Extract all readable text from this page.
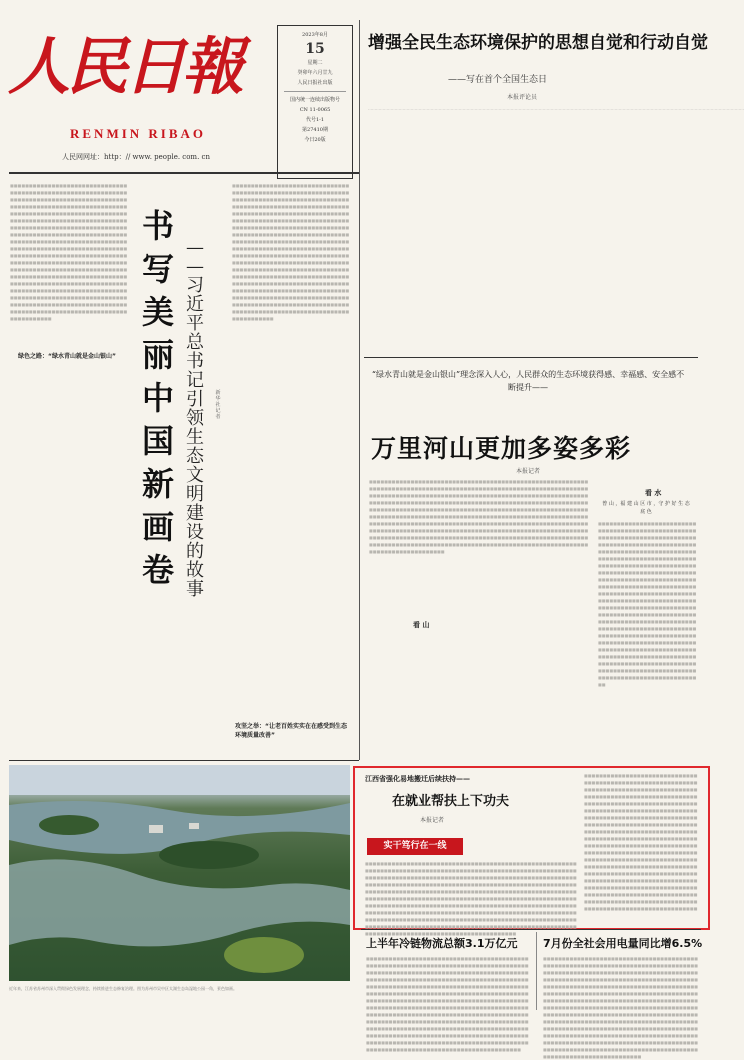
人民日報
RENMIN RIBAO
人民网网址：http：// www. people. com. cn
2023年8月
15
星期二
癸卯年六月廿九
人民日报社出版
国内统一连续出版物号
CN 11-0065
代号1-1
第27410期
今日20版
增强全民生态环境保护的思想自觉和行动自觉
——写在首个全国生态日
本报评论员

…………………………………………………………………………………………………………………………………………………………………………………………………………………………………………………………

■■■■■■■■■■■■■■■■■■■■■■■■■■■■■■■■■■■■■■■■■■■■■■■■■■■■■■■■■■■■■■■■■■■■■■■■■■■■■■■■■■■■■■■■■■■■■■■■■■■■■■■■■■■■■■■■■■■■■■■■■■■■■■■■■■■■■■■■■■■■■■■■■■■■■■■■■■■■■■■■■■■■■■■■■■■■■■■■■■■■■■■■■■■■■■■■■■■■■■■■■■■■■■■■■■■■■■■■■■■■■■■■■■■■■■■■■■■■■■■■■■■■■■■■■■■■■■■■■■■■■■■■■■■■■■■■■■■■■■■■■■■■■■■■■■■■■■■■■■■■■■■■■■■■■■■■■■■■■■■■■■■■■■■■■■■■■■■■■■■■■■■■■■■■■■■■■■■■■■■■■■■■■■■■■■■■■■■■■■■■■■■■■■■■■■■■■■■■■■■■■■■■■■■■■■■■■■■■■■■■■■■■■■■■■■■■■■■■■■■■■■■■■■■■■■■■■■■■■■■■■■■■■■■■■■■■■■■■■■■■■■■■■■■■■■■■■■■■■■■■■■■■■■■■■■■■■■■■■■■■■■■■■■■■■■■■■■■■■■■■■■■■■■■■■■■■■■■■■■■■■■■■■■■■■■■■■■■■■■■■■■■■■■■■■■■■■■■■■■■■
绿色之路：“绿水青山就是金山银山”
书
写
美
丽
中
国
新
画
卷
—
—
习
近
平
总
书
记
引
领
生
态
文
明
建
设
的
故
事
新
华
社
记
者
■■■■■■■■■■■■■■■■■■■■■■■■■■■■■■■■■■■■■■■■■■■■■■■■■■■■■■■■■■■■■■■■■■■■■■■■■■■■■■■■■■■■■■■■■■■■■■■■■■■■■■■■■■■■■■■■■■■■■■■■■■■■■■■■■■■■■■■■■■■■■■■■■■■■■■■■■■■■■■■■■■■■■■■■■■■■■■■■■■■■■■■■■■■■■■■■■■■■■■■■■■■■■■■■■■■■■■■■■■■■■■■■■■■■■■■■■■■■■■■■■■■■■■■■■■■■■■■■■■■■■■■■■■■■■■■■■■■■■■■■■■■■■■■■■■■■■■■■■■■■■■■■■■■■■■■■■■■■■■■■■■■■■■■■■■■■■■■■■■■■■■■■■■■■■■■■■■■■■■■■■■■■■■■■■■■■■■■■■■■■■■■■■■■■■■■■■■■■■■■■■■■■■■■■■■■■■■■■■■■■■■■■■■■■■■■■■■■■■■■■■■■■■■■■■■■■■■■■■■■■■■■■■■■■■■■■■■■■■■■■■■■■■■■■■■■■■■■■■■■■■■■■■■■■■■■■■■■■■■■■■■■■■■■■■■■■■■■■■■■■■■■■■■■■■■■■■■■■■■■■■■■■■■■■■■■■■■■■■■■■■■■■■■■■■■■■■■■■■■■■
攻坚之举：“让老百姓实实在在感受到生态环境质量改善”
“绿水青山就是金山银山”理念深入人心，人民群众的生态环境获得感、幸福感、安全感不断提升——
万里河山更加多姿多彩
本报记者
■■■■■■■■■■■■■■■■■■■■■■■■■■■■■■■■■■■■■■■■■■■■■■■■■■■■■■■■■■■■■■■■■■■■■■■■■■■■■■■■■■■■■■■■■■■■■■■■■■■■■■■■■■■■■■■■■■■■■■■■■■■■■■■■■■■■■■■■■■■■■■■■■■■■■■■■■■■■■■■■■■■■■■■■■■■■■■■■■■■■■■■■■■■■■■■■■■■■■■■■■■■■■■■■■■■■■■■■■■■■■■■■■■■■■■■■■■■■■■■■■■■■■■■■■■■■■■■■■■■■■■■■■■■■■■■■■■■■■■■■■■■■■■■■■■■■■■■■■■■■■■■■■■■■■■■■■■■■■■■■■■■■■■■■■■■■■■■■■■■■■■■■■■■■■■■■■■■■■■■■■■■■■■■■■■■■■■■■■■■■■■■■■■■■■■■■■■■■■■■■■■■■■■■■■■■■■■■■■■■■■■■■■■■■■■■■■■■■■■■■■■■■■■■■■■■■■■■■■■■■■■■■■■■■■■■■■■■■■■■■■■■■■■■■■■■■■■■■■■■■■■■■■■■■■■■■■■■■■■■■■■■■■■■■■■■■■■■■■■■■■■■■■■■■■■■■■■■■■■■■■■■■■■■■■■■■■■■■■■■■■■■■■■■■■■■■■■■■■■■■
看 水
曾 山 ，福 建 山 区 市 ，守 护 好 生 态 底 色
■■■■■■■■■■■■■■■■■■■■■■■■■■■■■■■■■■■■■■■■■■■■■■■■■■■■■■■■■■■■■■■■■■■■■■■■■■■■■■■■■■■■■■■■■■■■■■■■■■■■■■■■■■■■■■■■■■■■■■■■■■■■■■■■■■■■■■■■■■■■■■■■■■■■■■■■■■■■■■■■■■■■■■■■■■■■■■■■■■■■■■■■■■■■■■■■■■■■■■■■■■■■■■■■■■■■■■■■■■■■■■■■■■■■■■■■■■■■■■■■■■■■■■■■■■■■■■■■■■■■■■■■■■■■■■■■■■■■■■■■■■■■■■■■■■■■■■■■■■■■■■■■■■■■■■■■■■■■■■■■■■■■■■■■■■■■■■■■■■■■■■■■■■■■■■■■■■■■■■■■■■■■■■■■■■■■■■■■■■■■■■■■■■■■■■■■■■■■■■■■■■■■■■■■■■■■■■■■■■■■■■■■■■■■■■■■■■■■■■■■■■■■■■■■■■■■■■■■■■■■■■■■■■■■■■■■■■■■■■■■■■■■■■■■■■■■■■■■■■■■■■■■■■■■■■■■■■■■■■■■■■■■■■■■■■■■■■■■■■■■■■■■■■■■■■■■■■■■■■■■■■■■■■■■■■■■■■■■■■■■■■■■■■■■■■■■■■■■■■■■
看 山
近年来，江苏省苏州市深入贯彻绿色发展理念，持续推进生态修复治理。图为苏州市吴中区太湖生态岛湿地公园一角，景色如画。
江西省强化易地搬迁后续扶持——
在就业帮扶上下功夫
本报记者
实干笃行在一线
■■■■■■■■■■■■■■■■■■■■■■■■■■■■■■■■■■■■■■■■■■■■■■■■■■■■■■■■■■■■■■■■■■■■■■■■■■■■■■■■■■■■■■■■■■■■■■■■■■■■■■■■■■■■■■■■■■■■■■■■■■■■■■■■■■■■■■■■■■■■■■■■■■■■■■■■■■■■■■■■■■■■■■■■■■■■■■■■■■■■■■■■■■■■■■■■■■■■■■■■■■■■■■■■■■■■■■■■■■■■■■■■■■■■■■■■■■■■■■■■■■■■■■■■■■■■■■■■■■■■■■■■■■■■■■■■■■■■■■■■■■■■■■■■■■■■■■■■■■■■■■■■■■■■■■■■■■■■■■■■■■■■■■■■■■■■■■■■■■■■■■■■■■■■■■■■■■■■■■■■■■■■■■■■■■■■■■■■■■■■■■■■■■■■■■■■■■■■■■■■■■■■■■■■■■■■■■■■■■■■■■■■■■■■■■■■■■■■■■■■■■■■■■■■■■■■■■■■■■■■■■■■■■■■■■■■■■■■■■■■■■■■■■■■■■■■■■■■■■■■■■■■■■■■■■■■■■■■■■■■■■■■■■■■■■■■■■■■■■■■■■■■■■■■■■■■■■■■■■■■■■■■■■■■■■■■■■■■■■■■■■■■■■■■■■■■■■■■■■■■
■■■■■■■■■■■■■■■■■■■■■■■■■■■■■■■■■■■■■■■■■■■■■■■■■■■■■■■■■■■■■■■■■■■■■■■■■■■■■■■■■■■■■■■■■■■■■■■■■■■■■■■■■■■■■■■■■■■■■■■■■■■■■■■■■■■■■■■■■■■■■■■■■■■■■■■■■■■■■■■■■■■■■■■■■■■■■■■■■■■■■■■■■■■■■■■■■■■■■■■■■■■■■■■■■■■■■■■■■■■■■■■■■■■■■■■■■■■■■■■■■■■■■■■■■■■■■■■■■■■■■■■■■■■■■■■■■■■■■■■■■■■■■■■■■■■■■■■■■■■■■■■■■■■■■■■■■■■■■■■■■■■■■■■■■■■■■■■■■■■■■■■■■■■■■■■■■■■■■■■■■■■■■■■■■■■■■■■■■■■■■■■■■■■■■■■■■■■■■■■■■■■■■■■■■■■■■■■■■■■■■■■■■■■■■■■■■■■■■■■■■■■■■■■■■■■■■■■■■■■■■■■■■■■■■■■■■■■■■■■■■■■■■■■■■■■■■■■■■■■■■■■■■■■■■■■■■■■■■■■■■■■■■■■■■■■■■■■■■■■■■■■■■■■■■■■■■■■■■■■■■■■■■■■■■■■■■■■■■■■■■■■■■■■■■■■■■■■■■■■■
上半年冷链物流总额3.1万亿元 7月份全社会用电量同比增6.5%
■■■■■■■■■■■■■■■■■■■■■■■■■■■■■■■■■■■■■■■■■■■■■■■■■■■■■■■■■■■■■■■■■■■■■■■■■■■■■■■■■■■■■■■■■■■■■■■■■■■■■■■■■■■■■■■■■■■■■■■■■■■■■■■■■■■■■■■■■■■■■■■■■■■■■■■■■■■■■■■■■■■■■■■■■■■■■■■■■■■■■■■■■■■■■■■■■■■■■■■■■■■■■■■■■■■■■■■■■■■■■■■■■■■■■■■■■■■■■■■■■■■■■■■■■■■■■■■■■■■■■■■■■■■■■■■■■■■■■■■■■■■■■■■■■■■■■■■■■■■■■■■■■■■■■■■■■■■■■■■■■■■■■■■■■■■■■■■■■■■■■■■■■■■■■■■■■■■■■■■■■■■■■■■■■■■■■■■■■■■■■■■■■■■■■■■■■■■■■■■■■■■■■■■■■■■■■■■■■■■■■■■■■■■■■■■■■■■■■■■■■■■■■■■■■■■■■■■■■■■■■■■■■■■■■■■■■■■■■■■■■■■■■■■■■■■■■■■■■■■■■■■■■■■■■■■■■■■■■■■■■■■■■■■■■■■■■■■■■■■■■■■■■■■■■■■■■■■■■■■■■■■■■■■■■■■■■■■■■■■■■■■■■■■■■■■■■■■■■■■■
■■■■■■■■■■■■■■■■■■■■■■■■■■■■■■■■■■■■■■■■■■■■■■■■■■■■■■■■■■■■■■■■■■■■■■■■■■■■■■■■■■■■■■■■■■■■■■■■■■■■■■■■■■■■■■■■■■■■■■■■■■■■■■■■■■■■■■■■■■■■■■■■■■■■■■■■■■■■■■■■■■■■■■■■■■■■■■■■■■■■■■■■■■■■■■■■■■■■■■■■■■■■■■■■■■■■■■■■■■■■■■■■■■■■■■■■■■■■■■■■■■■■■■■■■■■■■■■■■■■■■■■■■■■■■■■■■■■■■■■■■■■■■■■■■■■■■■■■■■■■■■■■■■■■■■■■■■■■■■■■■■■■■■■■■■■■■■■■■■■■■■■■■■■■■■■■■■■■■■■■■■■■■■■■■■■■■■■■■■■■■■■■■■■■■■■■■■■■■■■■■■■■■■■■■■■■■■■■■■■■■■■■■■■■■■■■■■■■■■■■■■■■■■■■■■■■■■■■■■■■■■■■■■■■■■■■■■■■■■■■■■■■■■■■■■■■■■■■■■■■■■■■■■■■■■■■■■■■■■■■■■■■■■■■■■■■■■■■■■■■■■■■■■■■■■■■■■■■■■■■■■■■■■■■■■■■■■■■■■■■■■■■■■■■■■■■■■■■■■■■
